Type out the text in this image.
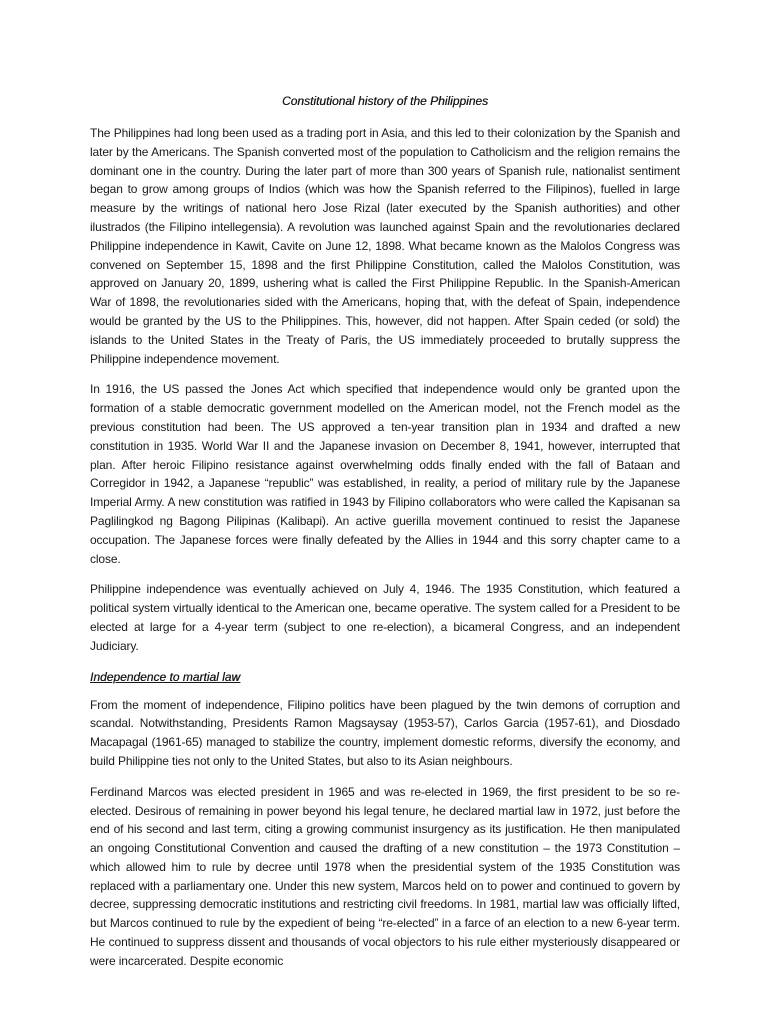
Constitutional history of the Philippines

The Philippines had long been used as a trading port in Asia, and this led to their colonization by the Spanish and later by the Americans. The Spanish converted most of the population to Catholicism and the religion remains the dominant one in the country. During the later part of more than 300 years of Spanish rule, nationalist sentiment began to grow among groups of Indios (which was how the Spanish referred to the Filipinos), fuelled in large measure by the writings of national hero Jose Rizal (later executed by the Spanish authorities) and other ilustrados (the Filipino intellegensia). A revolution was launched against Spain and the revolutionaries declared Philippine independence in Kawit, Cavite on June 12, 1898. What became known as the Malolos Congress was convened on September 15, 1898 and the first Philippine Constitution, called the Malolos Constitution, was approved on January 20, 1899, ushering what is called the First Philippine Republic. In the Spanish-American War of 1898, the revolutionaries sided with the Americans, hoping that, with the defeat of Spain, independence would be granted by the US to the Philippines. This, however, did not happen. After Spain ceded (or sold) the islands to the United States in the Treaty of Paris, the US immediately proceeded to brutally suppress the Philippine independence movement.

In 1916, the US passed the Jones Act which specified that independence would only be granted upon the formation of a stable democratic government modelled on the American model, not the French model as the previous constitution had been. The US approved a ten-year transition plan in 1934 and drafted a new constitution in 1935. World War II and the Japanese invasion on December 8, 1941, however, interrupted that plan. After heroic Filipino resistance against overwhelming odds finally ended with the fall of Bataan and Corregidor in 1942, a Japanese “republic” was established, in reality, a period of military rule by the Japanese Imperial Army. A new constitution was ratified in 1943 by Filipino collaborators who were called the Kapisanan sa Paglilingkod ng Bagong Pilipinas (Kalibapi). An active guerilla movement continued to resist the Japanese occupation. The Japanese forces were finally defeated by the Allies in 1944 and this sorry chapter came to a close.

Philippine independence was eventually achieved on July 4, 1946. The 1935 Constitution, which featured a political system virtually identical to the American one, became operative. The system called for a President to be elected at large for a 4-year term (subject to one re-election), a bicameral Congress, and an independent Judiciary.

Independence to martial law

From the moment of independence, Filipino politics have been plagued by the twin demons of corruption and scandal. Notwithstanding, Presidents Ramon Magsaysay (1953-57), Carlos Garcia (1957-61), and Diosdado Macapagal (1961-65) managed to stabilize the country, implement domestic reforms, diversify the economy, and build Philippine ties not only to the United States, but also to its Asian neighbours.

Ferdinand Marcos was elected president in 1965 and was re-elected in 1969, the first president to be so re-elected. Desirous of remaining in power beyond his legal tenure, he declared martial law in 1972, just before the end of his second and last term, citing a growing communist insurgency as its justification. He then manipulated an ongoing Constitutional Convention and caused the drafting of a new constitution – the 1973 Constitution – which allowed him to rule by decree until 1978 when the presidential system of the 1935 Constitution was replaced with a parliamentary one. Under this new system, Marcos held on to power and continued to govern by decree, suppressing democratic institutions and restricting civil freedoms. In 1981, martial law was officially lifted, but Marcos continued to rule by the expedient of being “re-elected” in a farce of an election to a new 6-year term. He continued to suppress dissent and thousands of vocal objectors to his rule either mysteriously disappeared or were incarcerated. Despite economic
